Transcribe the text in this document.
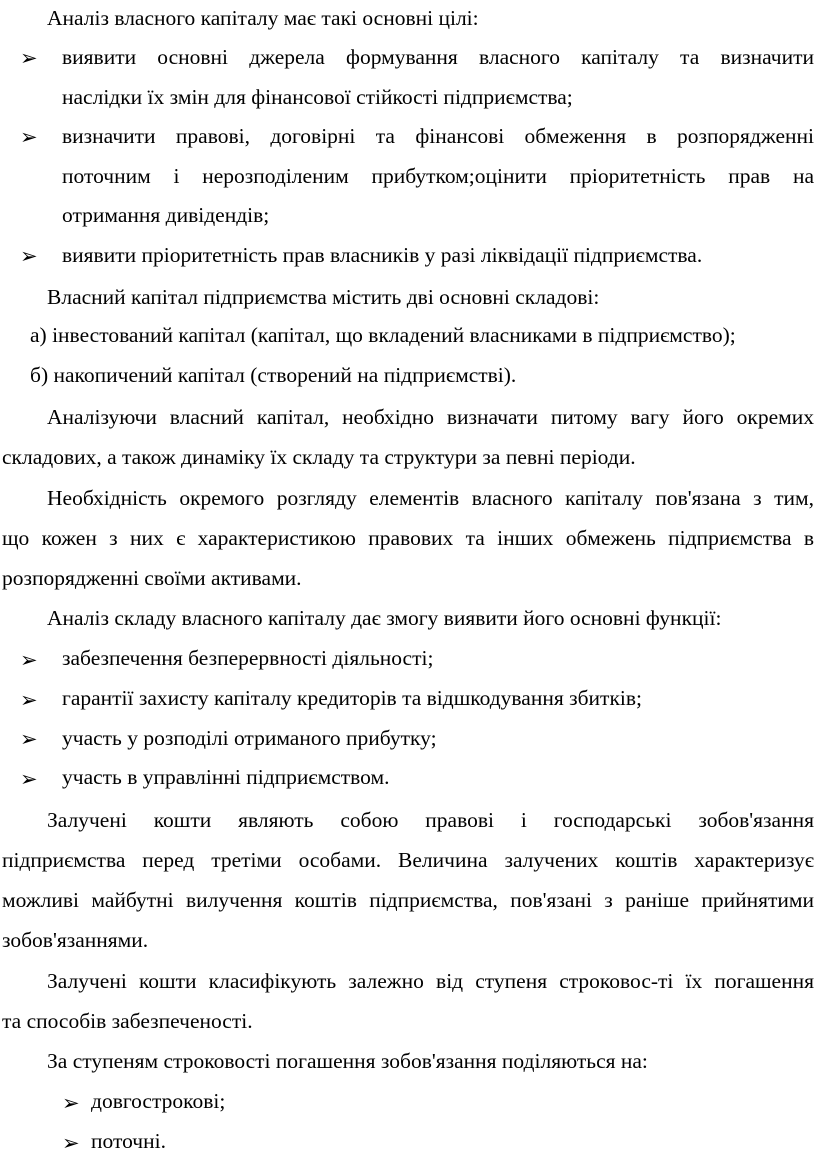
Аналіз власного капіталу має такі основні цілі:
➢ виявити основні джерела формування власного капіталу та визначити
наслідки їх змін для фінансової стійкості підприємства;
➢ визначити правові, договірні та фінансові обмеження в розпорядженні
поточним і нерозподіленим прибутком;оцінити пріоритетність прав на
отримання дивідендів;
➢ виявити пріоритетність прав власників у разі ліквідації підприємства.
Власний капітал підприємства містить дві основні складові:
а) інвестований капітал (капітал, що вкладений власниками в підприємство);
б) накопичений капітал (створений на підприємстві).
Аналізуючи власний капітал, необхідно визначати питому вагу його окремих
складових, а також динаміку їх складу та структури за певні періоди.
Необхідність окремого розгляду елементів власного капіталу пов'язана з тим,
що кожен з них є характеристикою правових та інших обмежень підприємства в
розпорядженні своїми активами.
Аналіз складу власного капіталу дає змогу виявити його основні функції:
➢ забезпечення безперервності діяльності;
➢ гарантії захисту капіталу кредиторів та відшкодування збитків;
➢ участь у розподілі отриманого прибутку;
➢ участь в управлінні підприємством.
Залучені кошти являють собою правові і господарські зобов'язання
підприємства перед третіми особами. Величина залучених коштів характеризує
можливі майбутні вилучення коштів підприємства, пов'язані з раніше прийнятими
зобов'язаннями.
Залучені кошти класифікують залежно від ступеня строковос-ті їх погашення
та способів забезпеченості.
За ступеням строковості погашення зобов'язання поділяються на:
➢ довгострокові;
➢ поточні.
